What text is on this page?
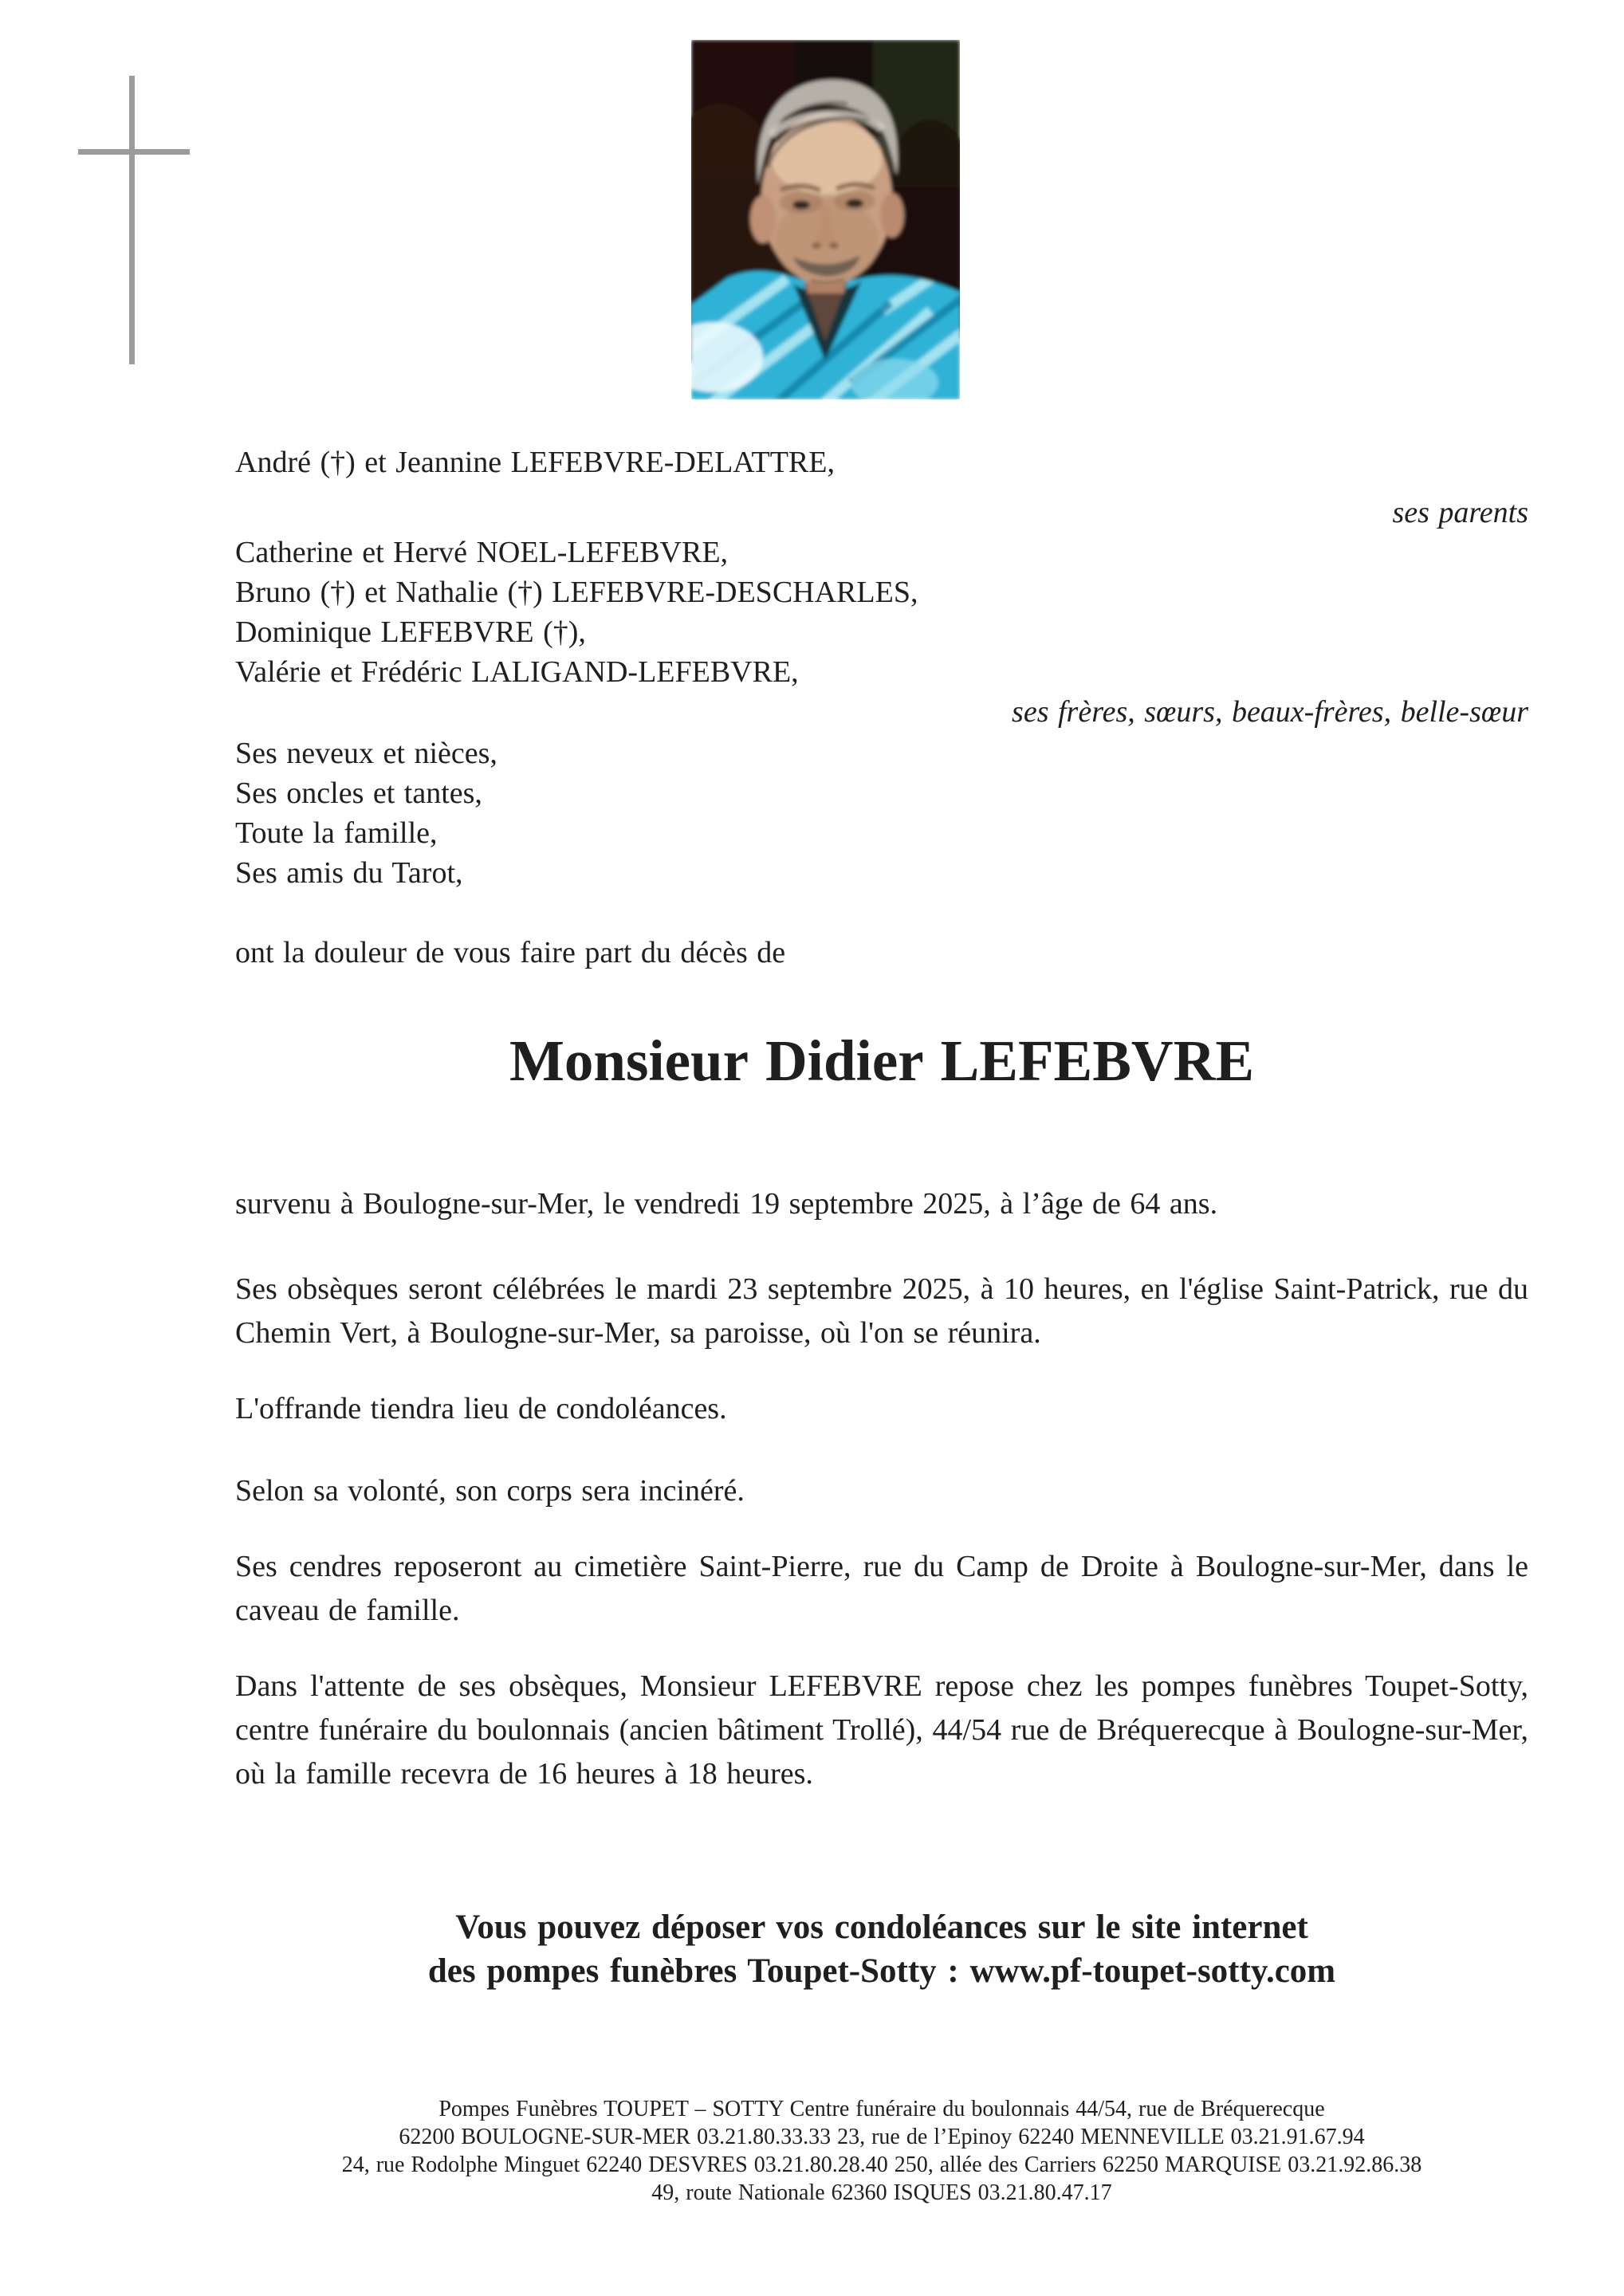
André (†) et Jeannine LEFEBVRE-DELATTRE,
ses parents
Catherine et Hervé NOEL-LEFEBVRE,
Bruno (†) et Nathalie (†) LEFEBVRE-DESCHARLES,
Dominique LEFEBVRE (†),
Valérie et Frédéric LALIGAND-LEFEBVRE,
ses frères, sœurs, beaux-frères, belle-sœur
Ses neveux et nièces,
Ses oncles et tantes,
Toute la famille,
Ses amis du Tarot,
ont la douleur de vous faire part du décès de
Monsieur Didier LEFEBVRE
survenu à Boulogne-sur-Mer, le vendredi 19 septembre 2025, à l’âge de 64 ans.
Ses obsèques seront célébrées le mardi 23 septembre 2025, à 10 heures, en l'église Saint-Patrick, rue du Chemin Vert, à Boulogne-sur-Mer, sa paroisse, où l'on se réunira.
L'offrande tiendra lieu de condoléances.
Selon sa volonté, son corps sera incinéré.
Ses cendres reposeront au cimetière Saint-Pierre, rue du Camp de Droite à Boulogne-sur-Mer, dans le caveau de famille.
Dans l'attente de ses obsèques, Monsieur LEFEBVRE repose chez les pompes funèbres Toupet-Sotty, centre funéraire du boulonnais (ancien bâtiment Trollé), 44/54 rue de Bréquerecque à Boulogne-sur-Mer, où la famille recevra de 16 heures à 18 heures.
Vous pouvez déposer vos condoléances sur le site internet
des pompes funèbres Toupet-Sotty : www.pf-toupet-sotty.com
Pompes Funèbres TOUPET – SOTTY Centre funéraire du boulonnais 44/54, rue de Bréquerecque
62200 BOULOGNE-SUR-MER 03.21.80.33.33 23, rue de l’Epinoy 62240 MENNEVILLE 03.21.91.67.94
24, rue Rodolphe Minguet 62240 DESVRES 03.21.80.28.40 250, allée des Carriers 62250 MARQUISE 03.21.92.86.38
49, route Nationale 62360 ISQUES 03.21.80.47.17
